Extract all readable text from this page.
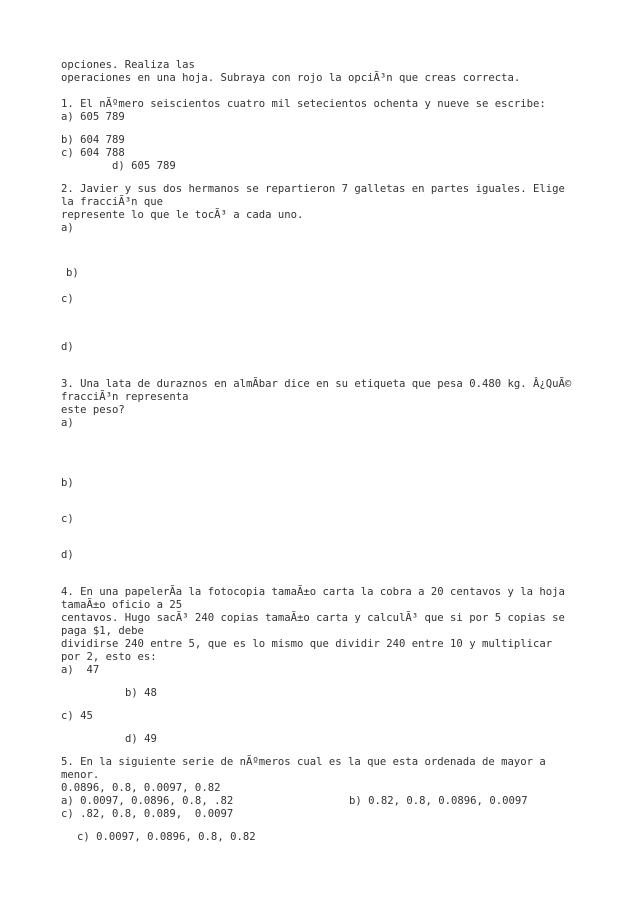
opciones. Realiza las
operaciones en una hoja. Subraya con rojo la opciÃ³n que creas correcta.
1. El nÃºmero seiscientos cuatro mil setecientos ochenta y nueve se escribe:
a) 605 789
b) 604 789
c) 604 788
d) 605 789
2. Javier y sus dos hermanos se repartieron 7 galletas en partes iguales. Elige
la fracciÃ³n que
represente lo que le tocÃ³ a cada uno.
a)
b)
c)
d)
3. Una lata de duraznos en almÃbar dice en su etiqueta que pesa 0.480 kg. Â¿QuÃ©
fracciÃ³n representa
este peso?
a)
b)
c)
d)
4. En una papelerÃa la fotocopia tamaÃ±o carta la cobra a 20 centavos y la hoja
tamaÃ±o oficio a 25
centavos. Hugo sacÃ³ 240 copias tamaÃ±o carta y calculÃ³ que si por 5 copias se
paga $1, debe
dividirse 240 entre 5, que es lo mismo que dividir 240 entre 10 y multiplicar
por 2, esto es:
a)  47
b) 48
c) 45
d) 49
5. En la siguiente serie de nÃºmeros cual es la que esta ordenada de mayor a
menor.
0.0896, 0.8, 0.0097, 0.82
a) 0.0097, 0.0896, 0.8, .82	b) 0.82, 0.8, 0.0896, 0.0097
c) .82, 0.8, 0.089,  0.0097
c) 0.0097, 0.0896, 0.8, 0.82
